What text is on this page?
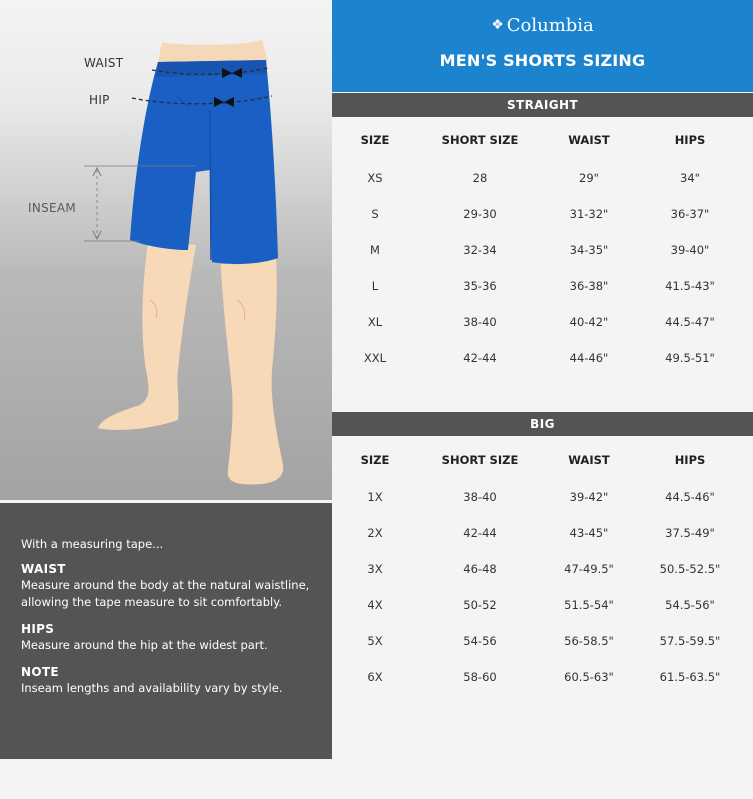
WAIST
HIP
INSEAM
With a measuring tape...
WAIST

Measure around the body at the natural waistline, allowing the tape measure to sit comfortably.

HIPS

Measure around the hip at the widest part.

NOTE

Inseam lengths and availability vary by style.

❖ Columbia
MEN'S SHORTS SIZING
STRAIGHT
SIZE	SHORT SIZE	WAIST	HIPS
XS	28	29"	34"
S	29-30	31-32"	36-37"
M	32-34	34-35"	39-40"
L	35-36	36-38"	41.5-43"
XL	38-40	40-42"	44.5-47"
XXL	42-44	44-46"	49.5-51"
BIG
SIZE	SHORT SIZE	WAIST	HIPS
1X	38-40	39-42"	44.5-46"
2X	42-44	43-45"	37.5-49"
3X	46-48	47-49.5"	50.5-52.5"
4X	50-52	51.5-54"	54.5-56"
5X	54-56	56-58.5"	57.5-59.5"
6X	58-60	60.5-63"	61.5-63.5"
